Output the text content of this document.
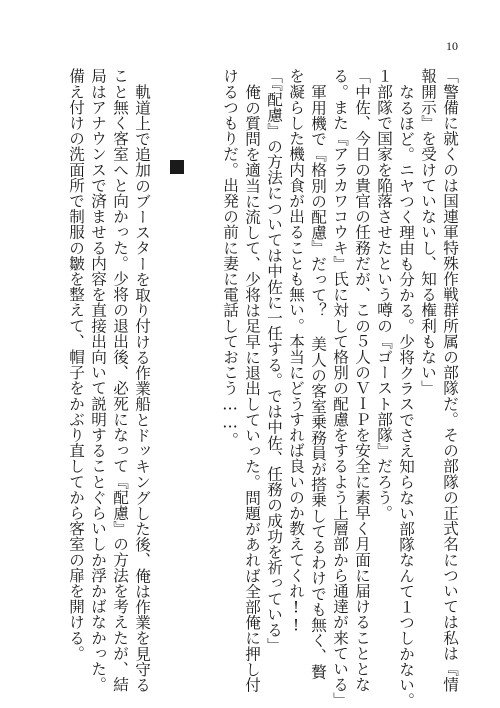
10
「警備に就くのは国連軍特殊作戦群所属の部隊だ。その部隊の正式名については私は『情
報開示』を受けていないし、知る権利もない」
なるほど。ニヤつく理由も分かる。少将クラスでさえ知らない部隊なんて１つしかない。
１部隊で国家を陥落させたという噂の『ゴースト部隊』だろう。
「中佐、今日の貴官の任務だが、この５人のＶＩＰを安全に素早く月面に届けることとな
る。また『アラカワコウキ』氏に対して格別の配慮をするよう上層部から通達が来ている」
軍用機で『格別の配慮』だって？ 美人の客室乗務員が搭乗してるわけでも無く、贅
を凝らした機内食が出ることも無い。本当にどうすれば良いのか教えてくれ!!
「『配慮』の方法については中佐に一任する。では中佐、任務の成功を祈っている」
俺の質問を適当に流して、少将は足早に退出していった。問題があれば全部俺に押し付
けるつもりだ。出発の前に妻に電話しておこう……。
軌道上で追加のブースターを取り付ける作業船とドッキングした後、俺は作業を見守る
こと無く客室へと向かった。少将の退出後、必死になって『配慮』の方法を考えたが、結
局はアナウンスで済ませる内容を直接出向いて説明することぐらいしか浮かばなかった。
備え付けの洗面所で制服の皺を整えて、帽子をかぶり直してから客室の扉を開ける。
